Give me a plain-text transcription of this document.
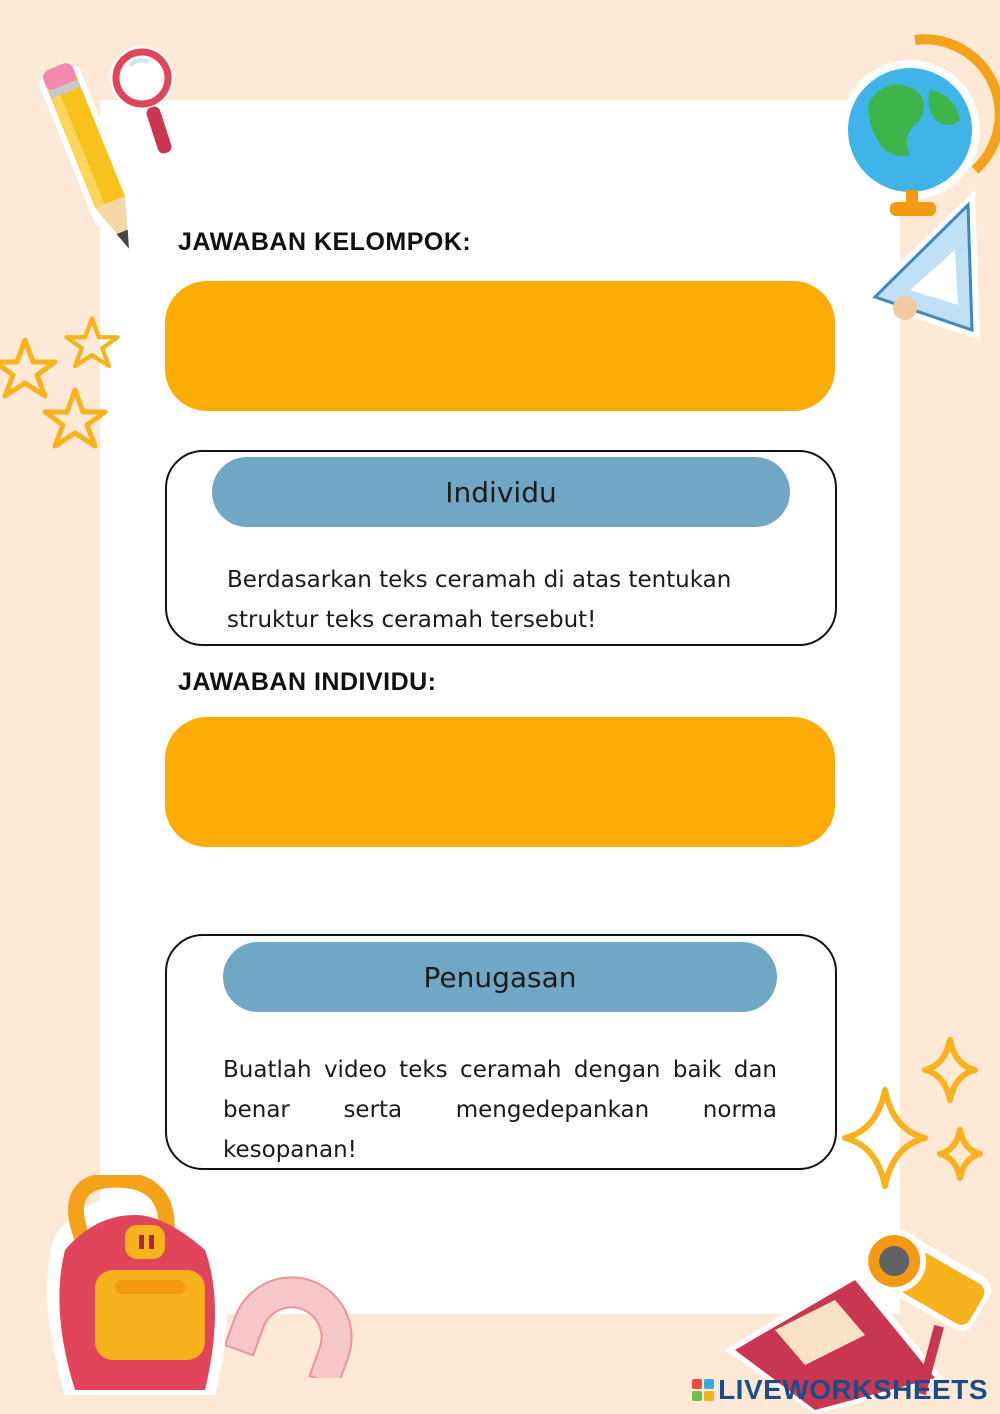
JAWABAN KELOMPOK:
Individu
Berdasarkan teks ceramah di atas tentukan struktur teks ceramah tersebut!
JAWABAN INDIVIDU:
Penugasan
Buatlah video teks ceramah dengan baik dan benar serta mengedepankan norma kesopanan!
LIVEWORKSHEETS
